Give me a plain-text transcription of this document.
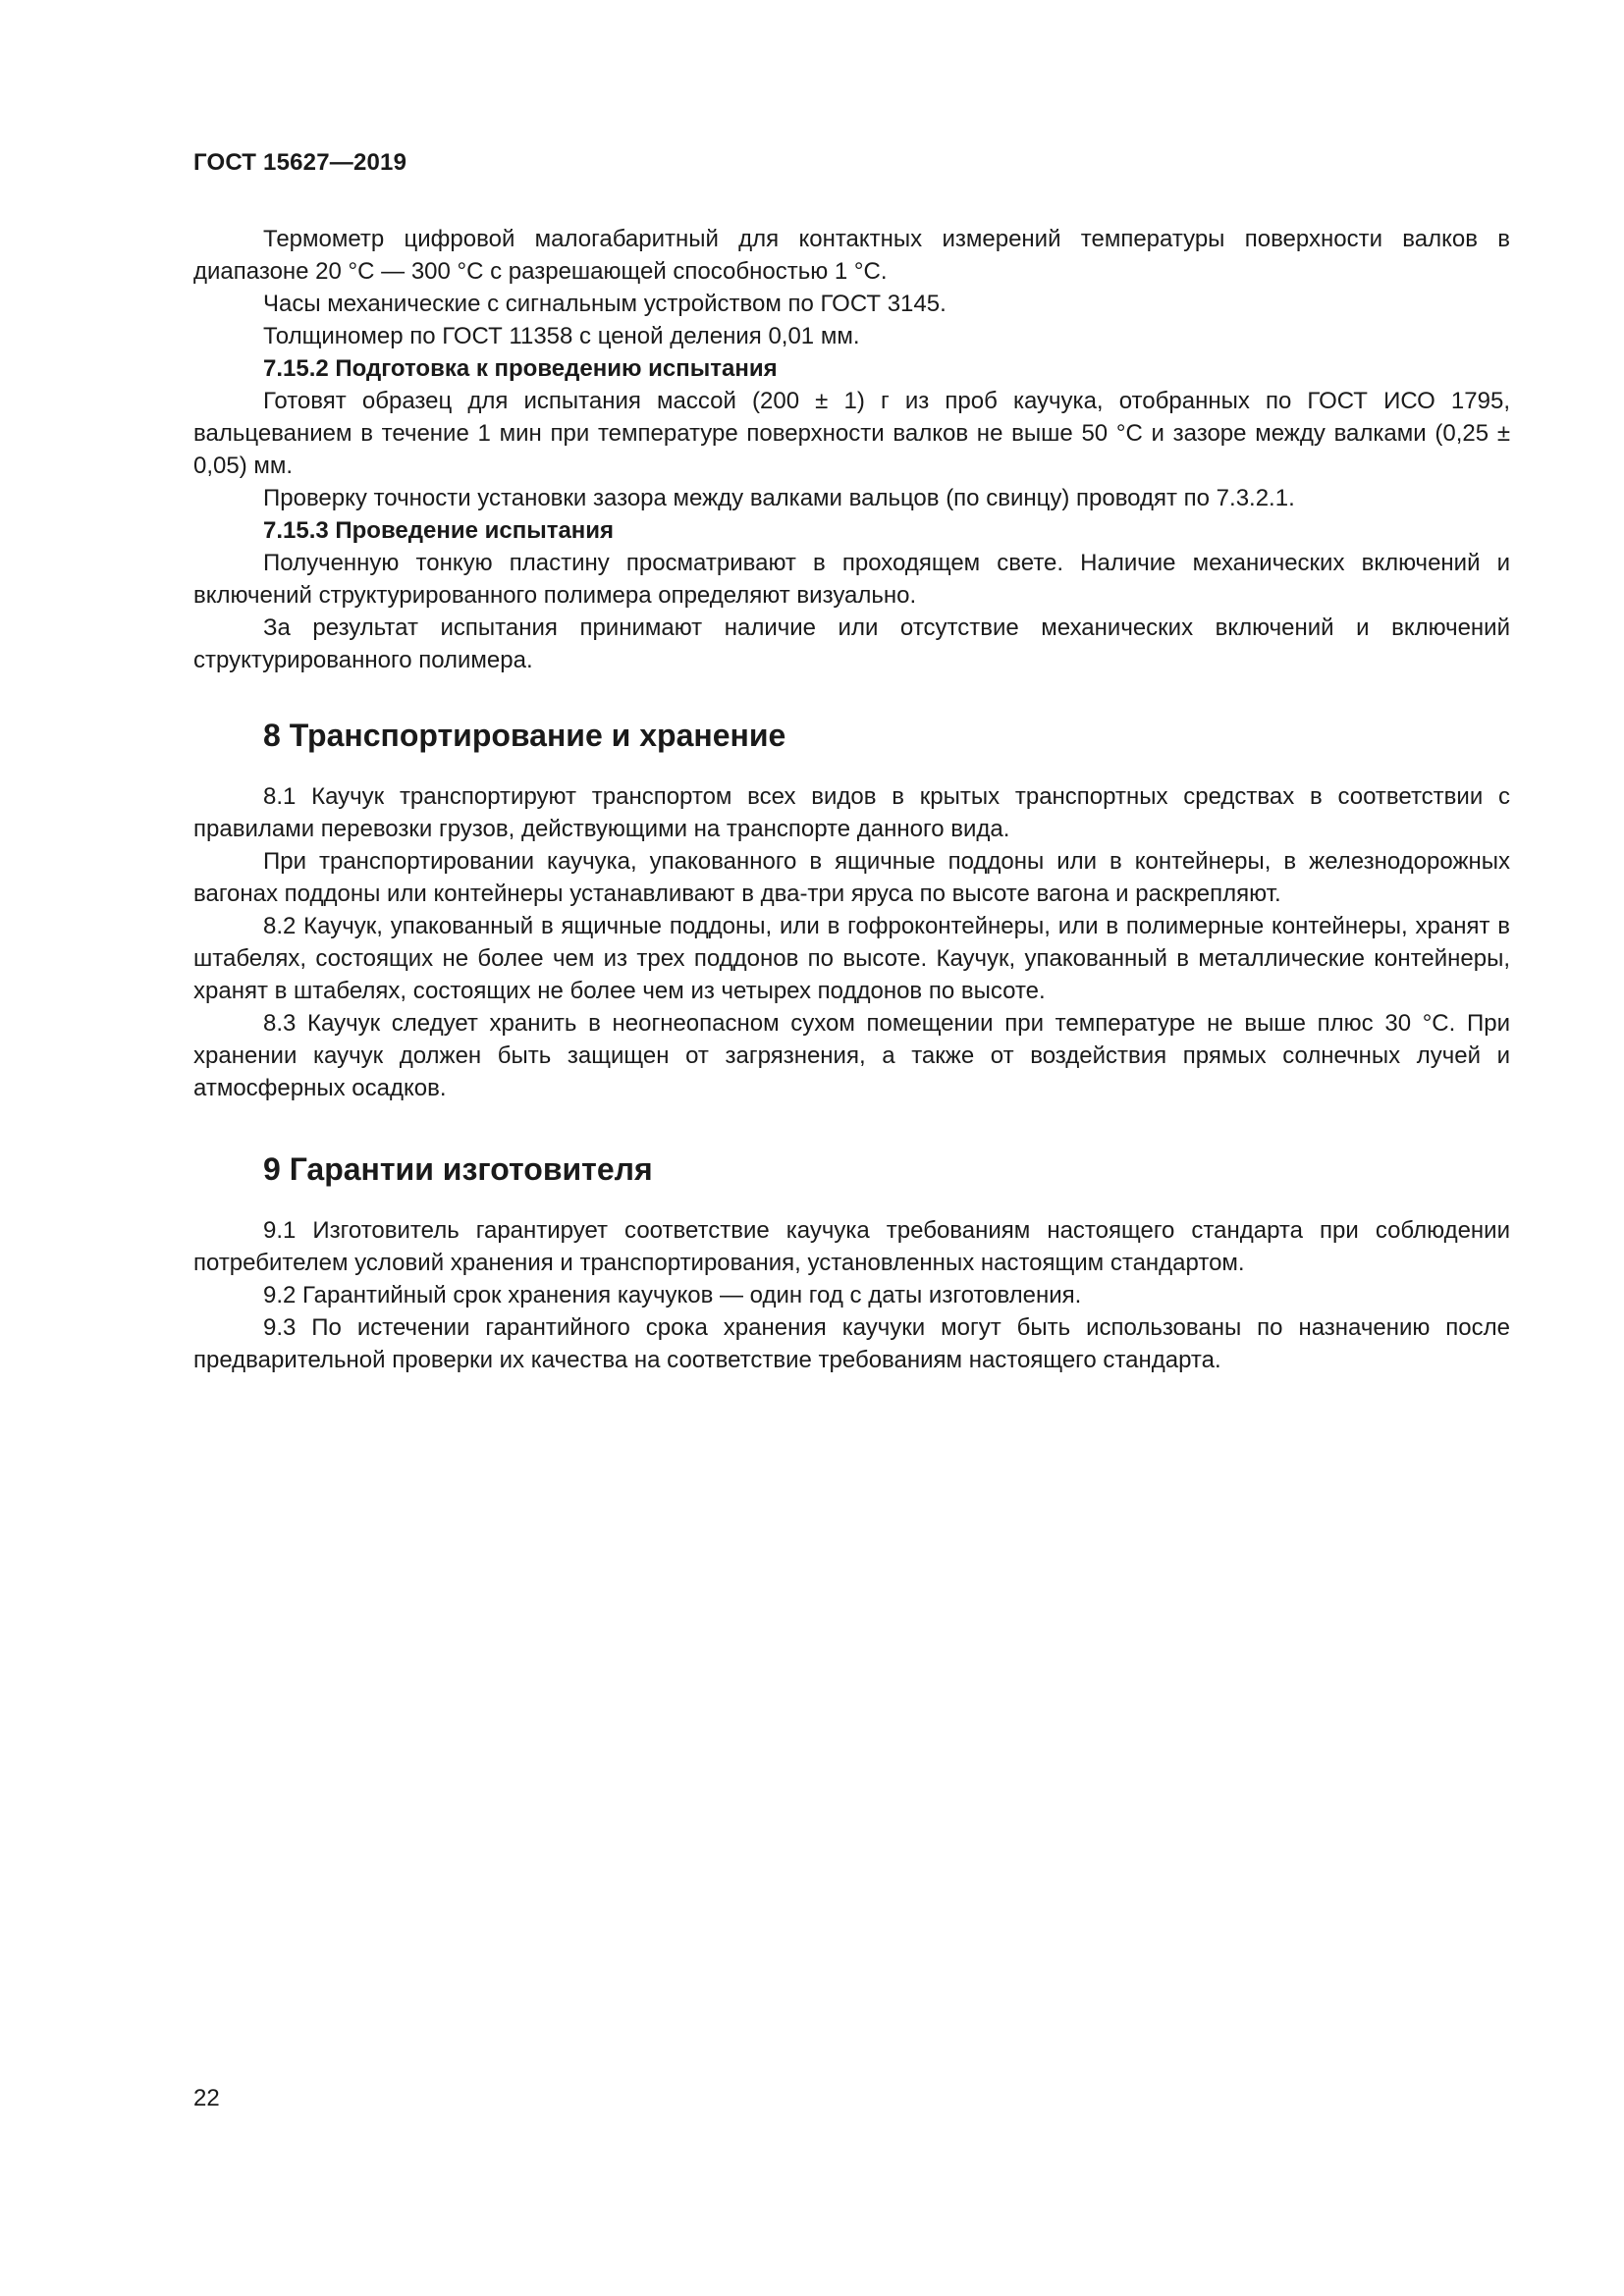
ГОСТ 15627—2019

Термометр цифровой малогабаритный для контактных измерений температуры поверхности валков в диапазоне 20 °С — 300 °С с разрешающей способностью 1 °С.

Часы механические с сигнальным устройством по ГОСТ 3145.

Толщиномер по ГОСТ 11358 с ценой деления 0,01 мм.

7.15.2 Подготовка к проведению испытания

Готовят образец для испытания массой (200 ± 1) г из проб каучука, отобранных по ГОСТ ИСО 1795, вальцеванием в течение 1 мин при температуре поверхности валков не выше 50 °С и зазоре между валками (0,25 ± 0,05) мм.

Проверку точности установки зазора между валками вальцов (по свинцу) проводят по 7.3.2.1.

7.15.3 Проведение испытания

Полученную тонкую пластину просматривают в проходящем свете. Наличие механических включений и включений структурированного полимера определяют визуально.

За результат испытания принимают наличие или отсутствие механических включений и включений структурированного полимера.

8 Транспортирование и хранение

8.1 Каучук транспортируют транспортом всех видов в крытых транспортных средствах в соответствии с правилами перевозки грузов, действующими на транспорте данного вида.

При транспортировании каучука, упакованного в ящичные поддоны или в контейнеры, в железнодорожных вагонах поддоны или контейнеры устанавливают в два-три яруса по высоте вагона и раскрепляют.

8.2 Каучук, упакованный в ящичные поддоны, или в гофроконтейнеры, или в полимерные контейнеры, хранят в штабелях, состоящих не более чем из трех поддонов по высоте. Каучук, упакованный в металлические контейнеры, хранят в штабелях, состоящих не более чем из четырех поддонов по высоте.

8.3 Каучук следует хранить в неогнеопасном сухом помещении при температуре не выше плюс 30 °С. При хранении каучук должен быть защищен от загрязнения, а также от воздействия прямых солнечных лучей и атмосферных осадков.

9 Гарантии изготовителя

9.1 Изготовитель гарантирует соответствие каучука требованиям настоящего стандарта при соблюдении потребителем условий хранения и транспортирования, установленных настоящим стандартом.

9.2 Гарантийный срок хранения каучуков — один год с даты изготовления.

9.3 По истечении гарантийного срока хранения каучуки могут быть использованы по назначению после предварительной проверки их качества на соответствие требованиям настоящего стандарта.

22
